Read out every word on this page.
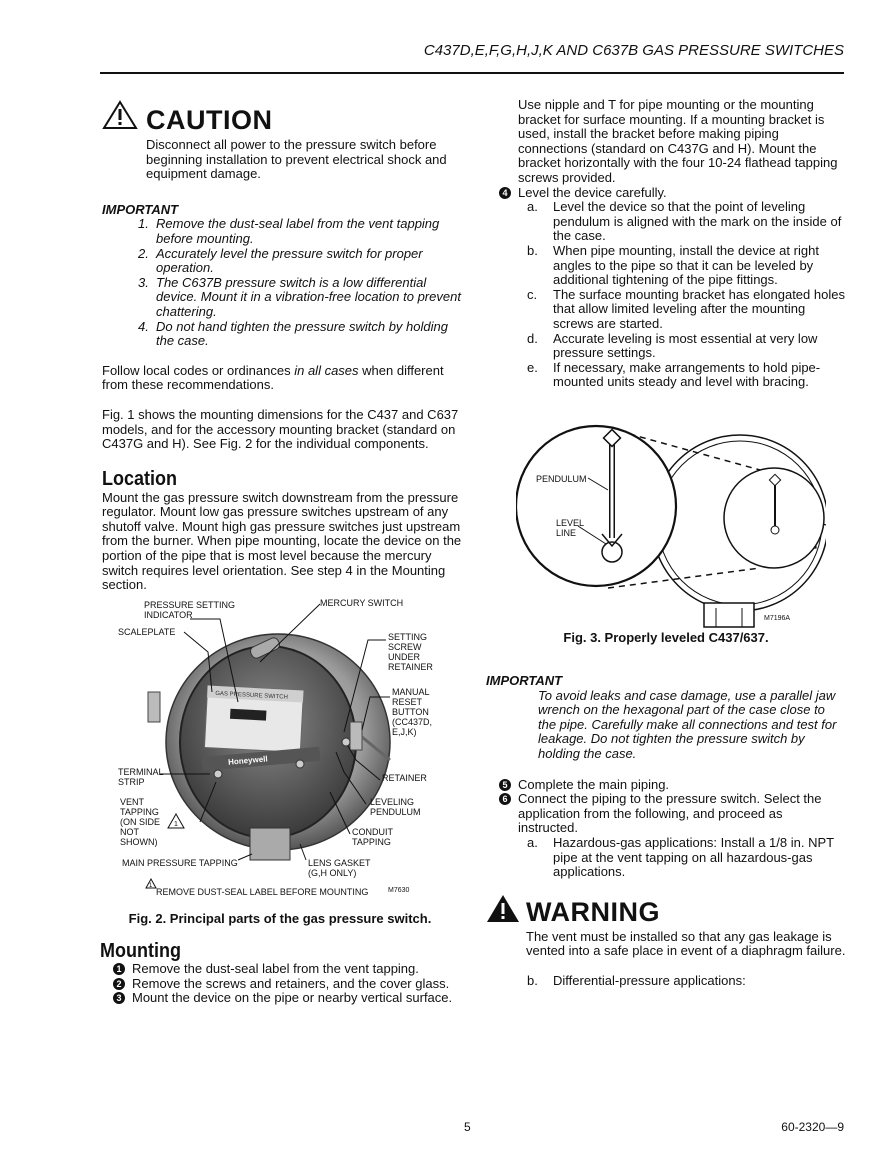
C437D,E,F,G,H,J,K AND C637B GAS PRESSURE SWITCHES
CAUTION

Disconnect all power to the pressure switch before beginning installation to prevent electrical shock and equipment damage.

IMPORTANT

1. Remove the dust-seal label from the vent tapping before mounting.
2. Accurately level the pressure switch for proper operation.
3. The C637B pressure switch is a low differential device. Mount it in a vibration-free location to prevent chattering.
4. Do not hand tighten the pressure switch by holding the case.

Follow local codes or ordinances in all cases when different from these recommendations.

Fig. 1 shows the mounting dimensions for the C437 and C637 models, and for the accessory mounting bracket (standard on C437G and H). See Fig. 2 for the individual components.

Location

Mount the gas pressure switch downstream from the pressure regulator. Mount low gas pressure switches upstream of any shutoff valve. Mount high gas pressure switches just upstream from the burner. When pipe mounting, locate the device on the portion of the pipe that is most level because the mercury switch requires level orientation. See step 4 in the Mounting section.

GAS PRESSURE SWITCH
Honeywell
1
1
PRESSURE SETTING INDICATOR
MERCURY SWITCH
SCALEPLATE	SETTING SCREW UNDER RETAINER
MANUAL RESET BUTTON (CC437D, E,J,K)
TERMINAL STRIP	RETAINER
VENT TAPPING (ON SIDE NOT SHOWN)
LEVELING PENDULUM
CONDUIT TAPPING
MAIN PRESSURE TAPPING	LENS GASKET (G,H ONLY)
REMOVE DUST-SEAL LABEL BEFORE MOUNTING	M7630
Fig. 2. Principal parts of the gas pressure switch.
Mounting
1 Remove the dust-seal label from the vent tapping.
2 Remove the screws and retainers, and the cover glass.
3 Mount the device on the pipe or nearby vertical surface.

Use nipple and T for pipe mounting or the mounting bracket for surface mounting. If a mounting bracket is used, install the bracket before making piping connections (standard on C437G and H). Mount the bracket horizontally with the four 10-24 flathead tapping screws provided.

4 Level the device carefully.
a. Level the device so that the point of leveling pendulum is aligned with the mark on the inside of the case.
b. When pipe mounting, install the device at right angles to the pipe so that it can be leveled by additional tightening of the pipe fittings.
c. The surface mounting bracket has elongated holes that allow limited leveling after the mounting screws are started.
d. Accurate leveling is most essential at very low pressure settings.
e. If necessary, make arrangements to hold pipe-mounted units steady and level with bracing.
PENDULUM
LEVEL LINE
M7196A
Fig. 3. Properly leveled C437/637.

IMPORTANT

To avoid leaks and case damage, use a parallel jaw wrench on the hexagonal part of the case close to the pipe. Carefully make all connections and test for leakage. Do not tighten the pressure switch by holding the case.

5 Complete the main piping.
6 Connect the piping to the pressure switch. Select the application from the following, and proceed as instructed.
a. Hazardous-gas applications: Install a 1/8 in. NPT pipe at the vent tapping on all hazardous-gas applications.
WARNING

The vent must be installed so that any gas leakage is vented into a safe place in event of a diaphragm failure.

b. Differential-pressure applications:
5	60-2320—9
